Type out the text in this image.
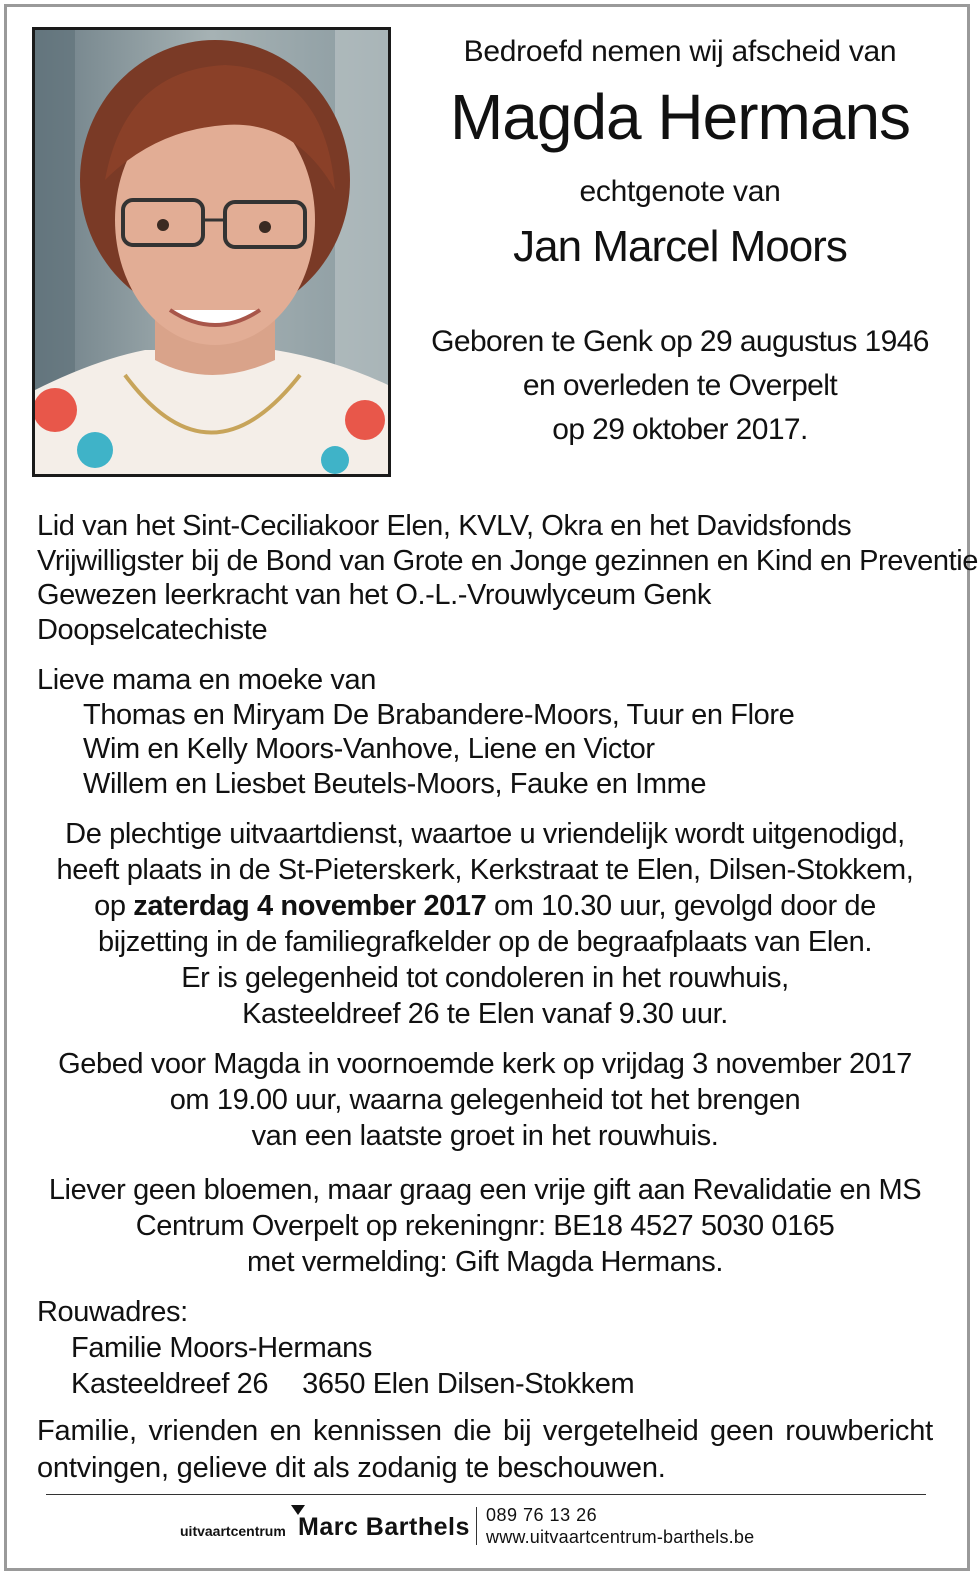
Bedroefd nemen wij afscheid van
Magda Hermans
echtgenote van
Jan Marcel Moors
Geboren te Genk op 29 augustus 1946
en overleden te Overpelt
op 29 oktober 2017.
Lid van het Sint-Ceciliakoor Elen, KVLV, Okra en het Davidsfonds
Vrijwilligster bij de Bond van Grote en Jonge gezinnen en Kind en Preventie
Gewezen leerkracht van het O.-L.-Vrouwlyceum Genk
Doopselcatechiste
Lieve mama en moeke van
Thomas en Miryam De Brabandere-Moors, Tuur en Flore
Wim en Kelly Moors-Vanhove, Liene en Victor
Willem en Liesbet Beutels-Moors, Fauke en Imme
De plechtige uitvaartdienst, waartoe u vriendelijk wordt uitgenodigd,
heeft plaats in de St-Pieterskerk, Kerkstraat te Elen, Dilsen-Stokkem,
op zaterdag 4 november 2017 om 10.30 uur, gevolgd door de
bijzetting in de familiegrafkelder op de begraafplaats van Elen.
Er is gelegenheid tot condoleren in het rouwhuis,
Kasteeldreef 26 te Elen vanaf 9.30 uur.
Gebed voor Magda in voornoemde kerk op vrijdag 3 november 2017
om 19.00 uur, waarna gelegenheid tot het brengen
van een laatste groet in het rouwhuis.
Liever geen bloemen, maar graag een vrije gift aan Revalidatie en MS
Centrum Overpelt op rekeningnr: BE18 4527 5030 0165
met vermelding: Gift Magda Hermans.
Rouwadres:
Familie Moors-Hermans
Kasteeldreef 26 3650 Elen Dilsen-Stokkem
Familie, vrienden en kennissen die bij vergetelheid geen rouwbericht
ontvingen, gelieve dit als zodanig te beschouwen.
uitvaartcentrum Marc Barthels 089 76 13 26
www.uitvaartcentrum-barthels.be
